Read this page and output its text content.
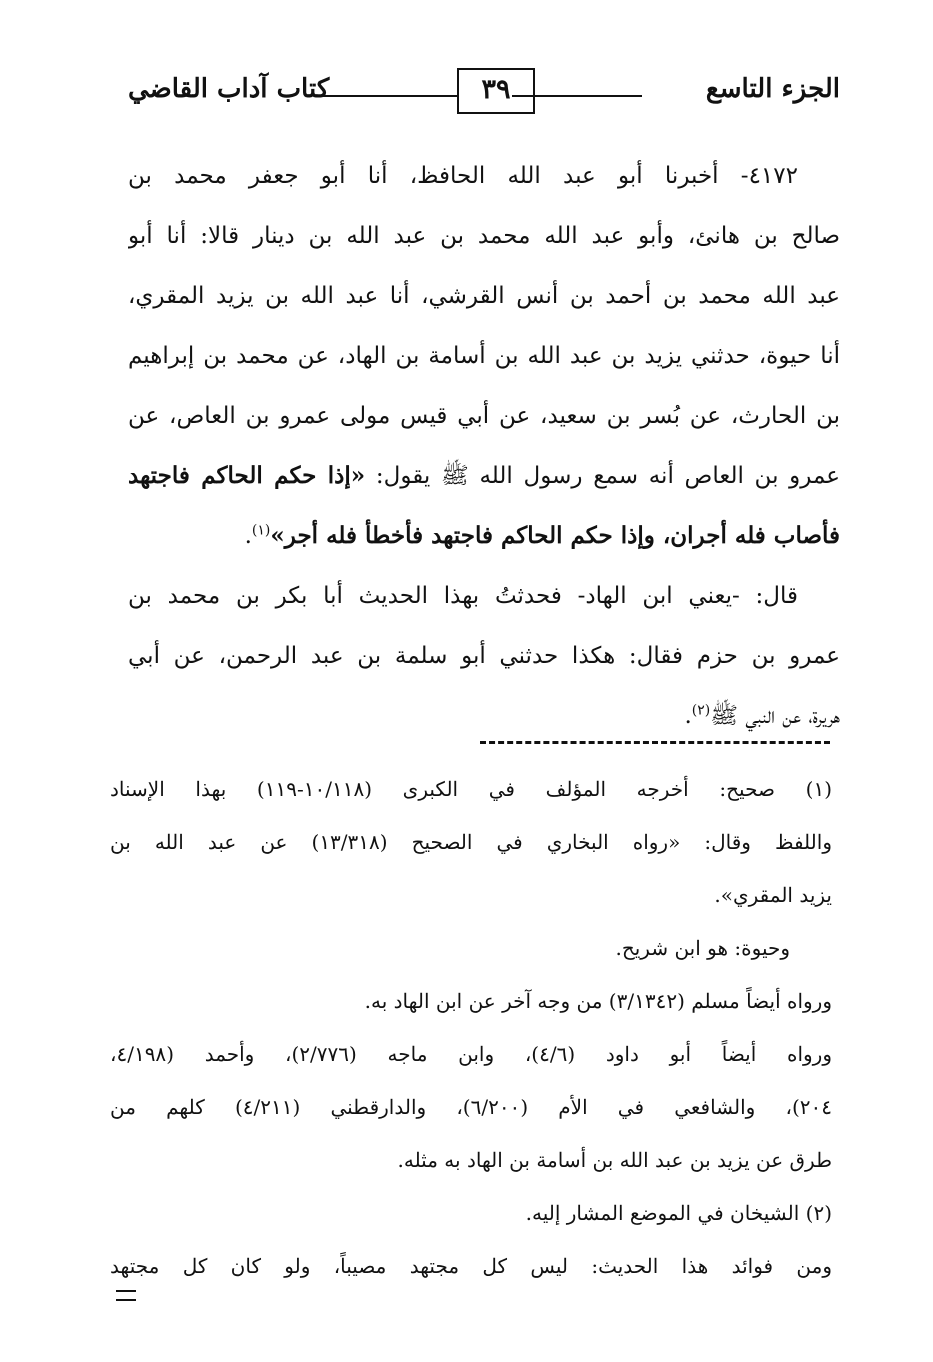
الجزء التاسع
٣٩
كتاب آداب القاضي
٤١٧٢- أخبرنا أبو عبد الله الحافظ، أنا أبو جعفر محمد بن
صالح بن هانئ، وأبو عبد الله محمد بن عبد الله بن دينار قالا: أنا أبو
عبد الله محمد بن أحمد بن أنس القرشي، أنا عبد الله بن يزيد المقري،
أنا حيوة، حدثني يزيد بن عبد الله بن أسامة بن الهاد، عن محمد بن إبراهيم
بن الحارث، عن بُسر بن سعيد، عن أبي قيس مولى عمرو بن العاص، عن
عمرو بن العاص أنه سمع رسول الله ﷺ يقول: «إذا حكم الحاكم فاجتهد
فأصاب فله أجران، وإذا حكم الحاكم فاجتهد فأخطأ فله أجر»$^{(١)}$.
قال: -يعني ابن الهاد- فحدثتُ بهذا الحديث أبا بكر بن محمد بن
عمرو بن حزم فقال: هكذا حدثني أبو سلمة بن عبد الرحمن، عن أبي
هريرة، عن النبي ﷺ$^{(٢)}$.
(١) صحيح: أخرجه المؤلف في الكبرى (١٠/١١٨-١١٩) بهذا الإسناد
واللفظ وقال: «رواه البخاري في الصحيح (١٣/٣١٨) عن عبد الله بن
يزيد المقري».
وحيوة: هو ابن شريح.
ورواه أيضاً مسلم (٣/١٣٤٢) من وجه آخر عن ابن الهاد به.
ورواه أيضاً أبو داود (٤/٦)، وابن ماجه (٢/٧٧٦)، وأحمد (٤/١٩٨،
٢٠٤)، والشافعي في الأم (٦/٢٠٠)، والدارقطني (٤/٢١١) كلهم من
طرق عن يزيد بن عبد الله بن أسامة بن الهاد به مثله.
(٢) الشيخان في الموضع المشار إليه.
ومن فوائد هذا الحديث: ليس كل مجتهد مصيباً، ولو كان كل مجتهد
